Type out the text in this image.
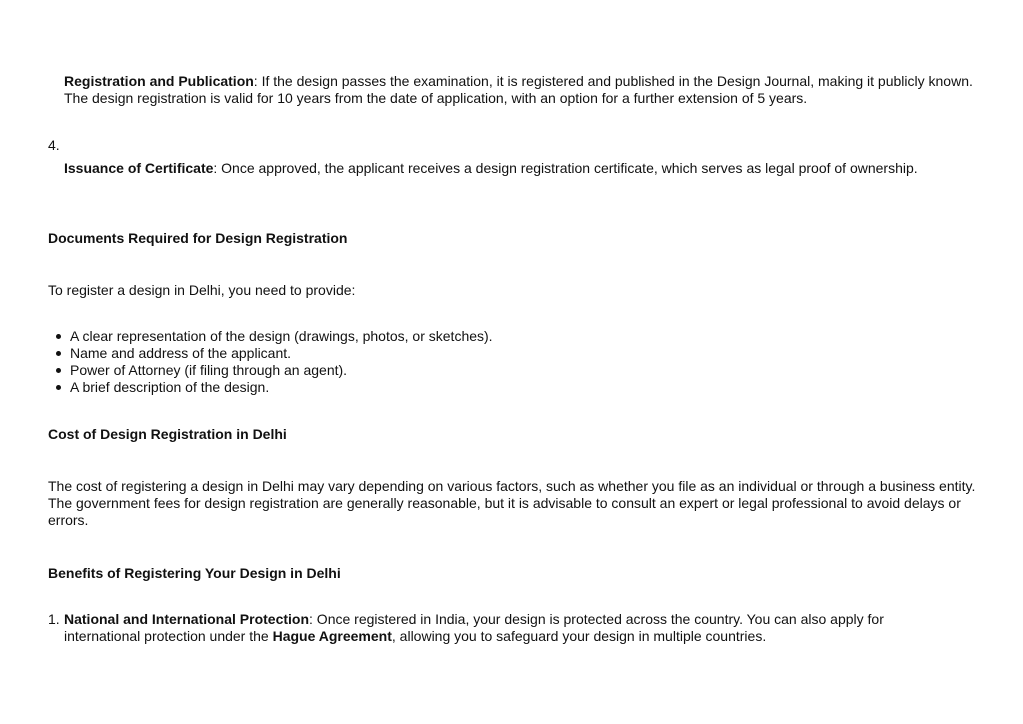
Registration and Publication: If the design passes the examination, it is registered and published in the Design Journal, making it publicly known. The design registration is valid for 10 years from the date of application, with an option for a further extension of 5 years.
4.
Issuance of Certificate: Once approved, the applicant receives a design registration certificate, which serves as legal proof of ownership.
Documents Required for Design Registration
To register a design in Delhi, you need to provide:
A clear representation of the design (drawings, photos, or sketches).
Name and address of the applicant.
Power of Attorney (if filing through an agent).
A brief description of the design.
Cost of Design Registration in Delhi
The cost of registering a design in Delhi may vary depending on various factors, such as whether you file as an individual or through a business entity. The government fees for design registration are generally reasonable, but it is advisable to consult an expert or legal professional to avoid delays or errors.
Benefits of Registering Your Design in Delhi
1. National and International Protection: Once registered in India, your design is protected across the country. You can also apply for international protection under the Hague Agreement, allowing you to safeguard your design in multiple countries.
